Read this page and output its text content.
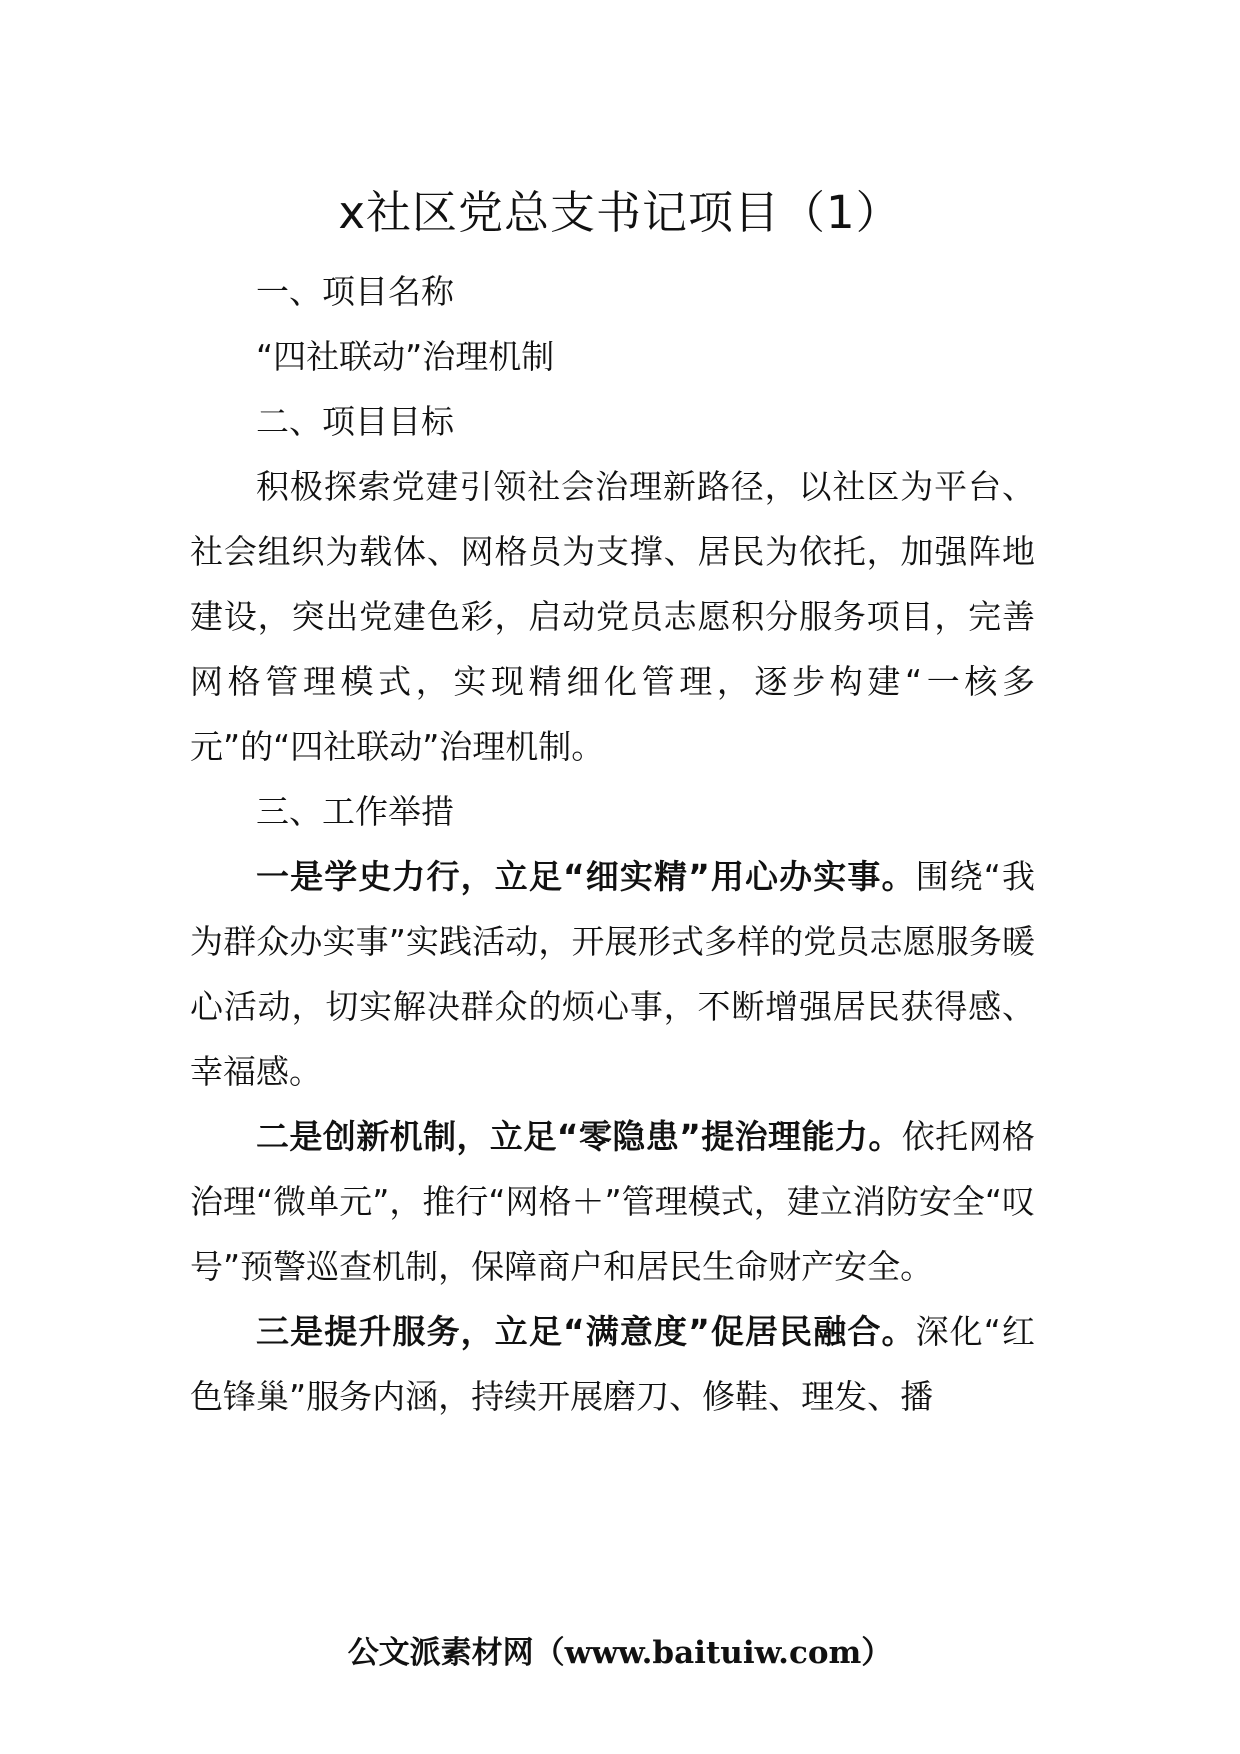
x社区党总支书记项目（1）

一、项目名称

“四社联动”治理机制

二、项目目标

积极探索党建引领社会治理新路径，以社区为平台、社会组织为载体、网格员为支撑、居民为依托，加强阵地建设，突出党建色彩，启动党员志愿积分服务项目，完善网格管理模式，实现精细化管理，逐步构建“一核多元”的“四社联动”治理机制。

三、工作举措

一是学史力行，立足“细实精”用心办实事。围绕“我为群众办实事”实践活动，开展形式多样的党员志愿服务暖心活动，切实解决群众的烦心事，不断增强居民获得感、幸福感。

二是创新机制，立足“零隐患”提治理能力。依托网格治理“微单元”，推行“网格＋”管理模式，建立消防安全“叹号”预警巡查机制，保障商户和居民生命财产安全。

三是提升服务，立足“满意度”促居民融合。深化“红色锋巢”服务内涵，持续开展磨刀、修鞋、理发、播

公文派素材网（www.baituiw.com）
